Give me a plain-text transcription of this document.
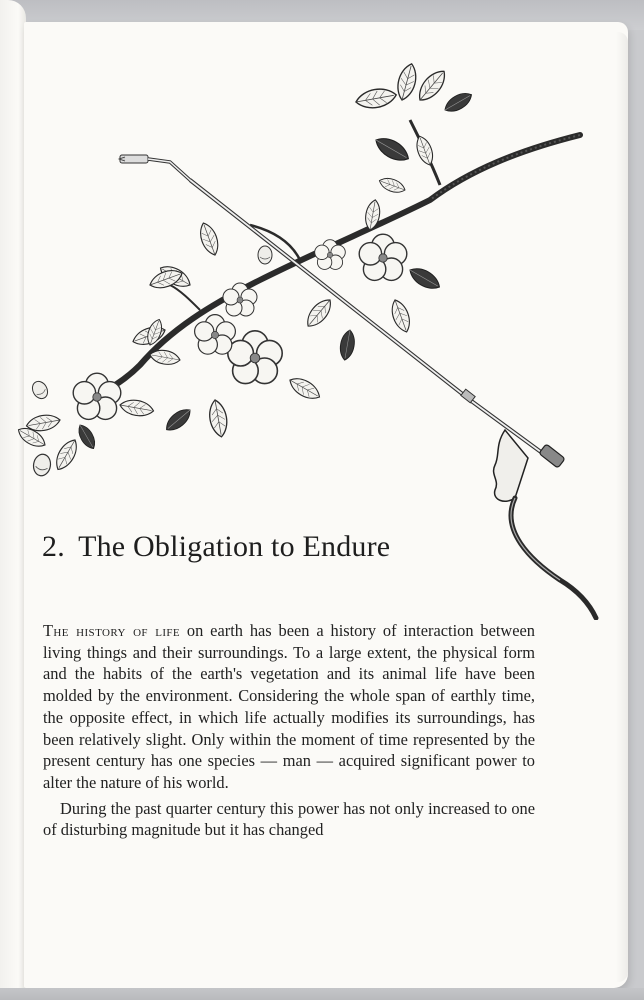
2. The Obligation to Endure

The history of life on earth has been a history of interaction between living things and their surroundings. To a large extent, the physical form and the habits of the earth's vegetation and its animal life have been molded by the environment. Considering the whole span of earthly time, the opposite effect, in which life actually modifies its surroundings, has been relatively slight. Only within the moment of time represented by the present century has one species — man — acquired significant power to alter the nature of his world.

During the past quarter century this power has not only increased to one of disturbing magnitude but it has changed
